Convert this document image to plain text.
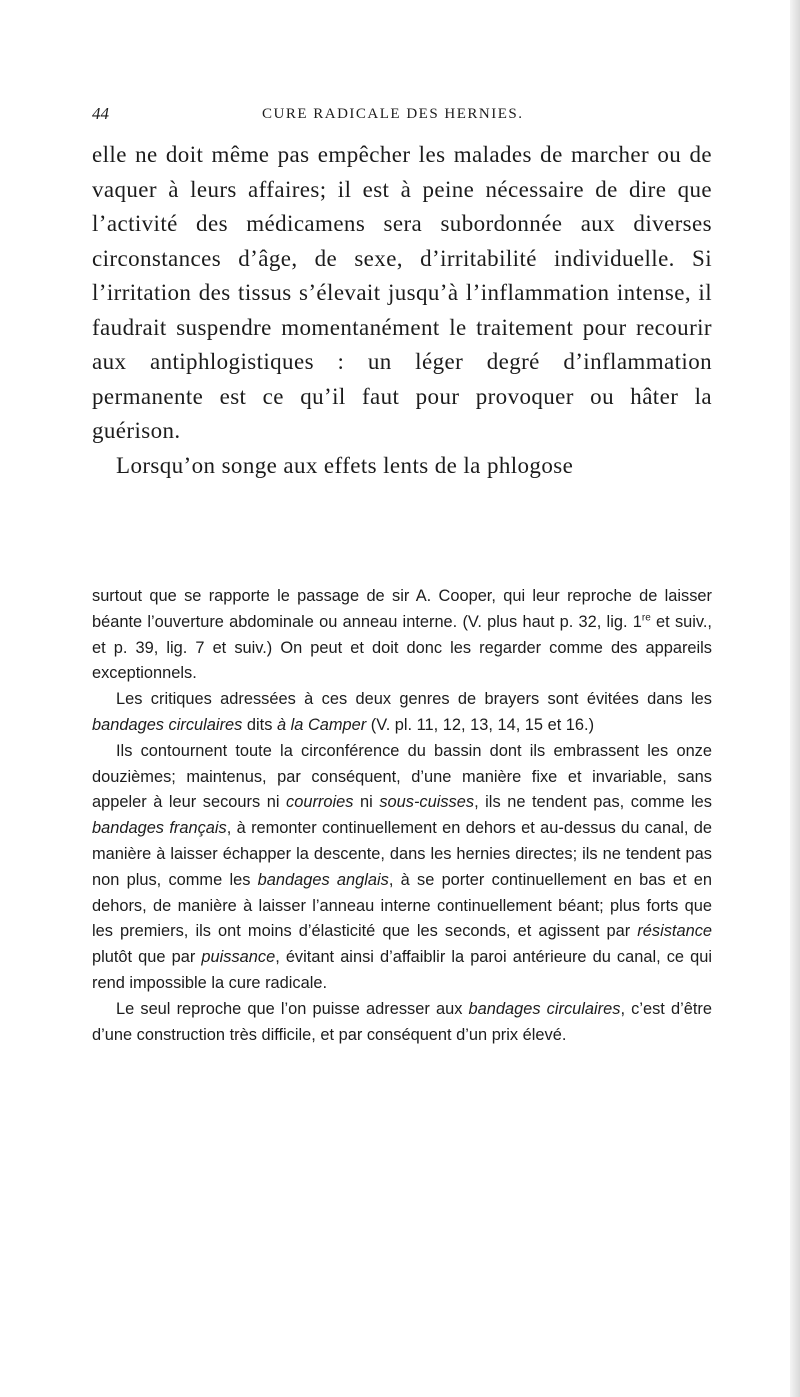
44	CURE RADICALE DES HERNIES.

elle ne doit même pas empêcher les malades de marcher ou de vaquer à leurs affaires; il est à peine nécessaire de dire que l’activité des médicamens sera subordonnée aux diverses circonstances d’âge, de sexe, d’irritabilité individuelle. Si l’irritation des tissus s’élevait jusqu’à l’inflammation intense, il faudrait suspendre momentanément le traitement pour recourir aux antiphlogistiques : un léger degré d’inflammation permanente est ce qu’il faut pour provoquer ou hâter la guérison.

Lorsqu’on songe aux effets lents de la phlogose

surtout que se rapporte le passage de sir A. Cooper, qui leur reproche de laisser béante l’ouverture abdominale ou anneau interne. (V. plus haut p. 32, lig. 1re et suiv., et p. 39, lig. 7 et suiv.) On peut et doit donc les regarder comme des appareils exceptionnels.

Les critiques adressées à ces deux genres de brayers sont évitées dans les bandages circulaires dits à la Camper (V. pl. 11, 12, 13, 14, 15 et 16.)

Ils contournent toute la circonférence du bassin dont ils embrassent les onze douzièmes; maintenus, par conséquent, d’une manière fixe et invariable, sans appeler à leur secours ni courroies ni sous-cuisses, ils ne tendent pas, comme les bandages français, à remonter continuellement en dehors et au-dessus du canal, de manière à laisser échapper la descente, dans les hernies directes; ils ne tendent pas non plus, comme les bandages anglais, à se porter continuellement en bas et en dehors, de manière à laisser l’anneau interne continuellement béant; plus forts que les premiers, ils ont moins d’élasticité que les seconds, et agissent par résistance plutôt que par puissance, évitant ainsi d’affaiblir la paroi antérieure du canal, ce qui rend impossible la cure radicale.

Le seul reproche que l’on puisse adresser aux bandages circulaires, c’est d’être d’une construction très difficile, et par conséquent d’un prix élevé.
